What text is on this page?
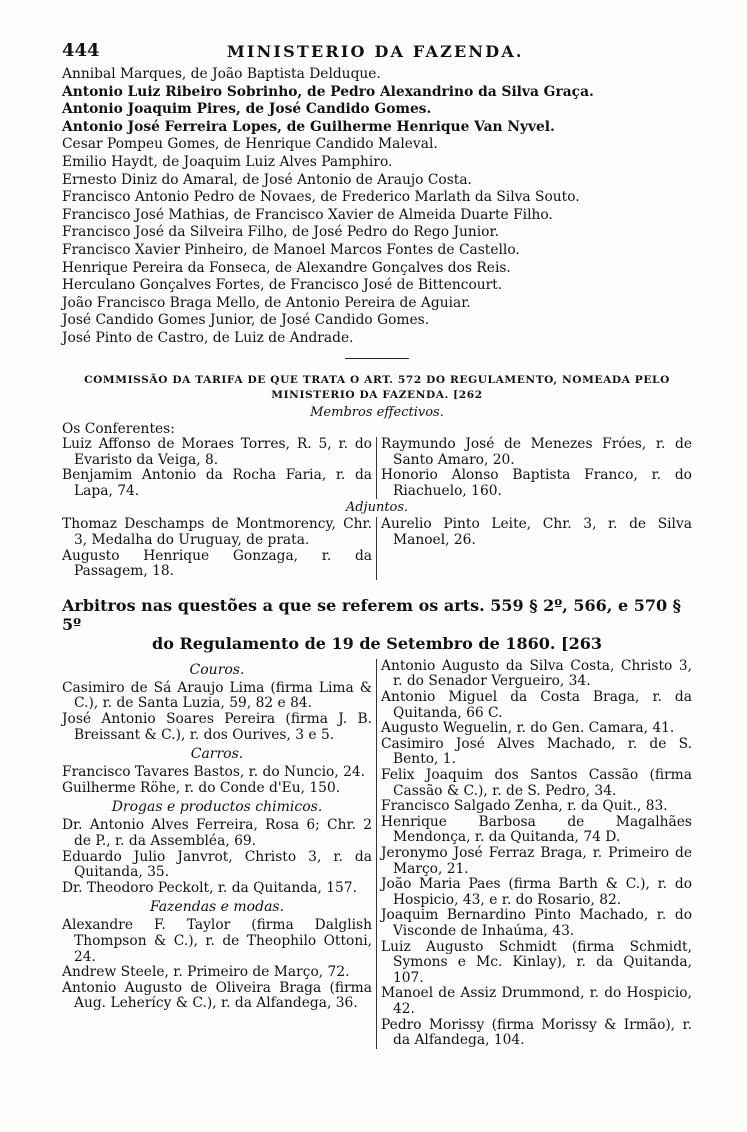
444	MINISTERIO DA FAZENDA.
Annibal Marques, de João Baptista Delduque.
Antonio Luiz Ribeiro Sobrinho, de Pedro Alexandrino da Silva Graça.
Antonio Joaquim Pires, de José Candido Gomes.
Antonio José Ferreira Lopes, de Guilherme Henrique Van Nyvel.
Cesar Pompeu Gomes, de Henrique Candido Maleval.
Emilio Haydt, de Joaquim Luiz Alves Pamphiro.
Ernesto Diniz do Amaral, de José Antonio de Araujo Costa.
Francisco Antonio Pedro de Novaes, de Frederico Marlath da Silva Souto.
Francisco José Mathias, de Francisco Xavier de Almeida Duarte Filho.
Francisco José da Silveira Filho, de José Pedro do Rego Junior.
Francisco Xavier Pinheiro, de Manoel Marcos Fontes de Castello.
Henrique Pereira da Fonseca, de Alexandre Gonçalves dos Reis.
Herculano Gonçalves Fortes, de Francisco José de Bittencourt.
João Francisco Braga Mello, de Antonio Pereira de Aguiar.
José Candido Gomes Junior, de José Candido Gomes.
José Pinto de Castro, de Luiz de Andrade.
COMMISSÃO DA TARIFA DE QUE TRATA O ART. 572 DO REGULAMENTO, NOMEADA PELO
MINISTERIO DA FAZENDA. [262
Membros effectivos.
Os Conferentes:
Luiz Affonso de Moraes Torres, R. 5, r. do Evaristo da Veiga, 8.
Benjamim Antonio da Rocha Faria, r. da Lapa, 74.
Raymundo José de Menezes Fróes, r. de Santo Amaro, 20.
Honorio Alonso Baptista Franco, r. do Riachuelo, 160.
Adjuntos.
Thomaz Deschamps de Montmorency, Chr. 3, Medalha do Uruguay, de prata.
Augusto Henrique Gonzaga, r. da Passagem, 18.
Aurelio Pinto Leite, Chr. 3, r. de Silva Manoel, 26.
Arbitros nas questões a que se referem os arts. 559 § 2º, 566, e 570 § 5º
do Regulamento de 19 de Setembro de 1860. [263
Couros.
Casimiro de Sá Araujo Lima (firma Lima & C.), r. de Santa Luzia, 59, 82 e 84.
José Antonio Soares Pereira (firma J. B. Breissant & C.), r. dos Ourives, 3 e 5.
Carros.
Francisco Tavares Bastos, r. do Nuncio, 24.
Guilherme Röhe, r. do Conde d'Eu, 150.
Drogas e productos chimicos.
Dr. Antonio Alves Ferreira, Rosa 6; Chr. 2 de P., r. da Assembléa, 69.
Eduardo Julio Janvrot, Christo 3, r. da Quitanda, 35.
Dr. Theodoro Peckolt, r. da Quitanda, 157.
Fazendas e modas.
Alexandre F. Taylor (firma Dalglish Thompson & C.), r. de Theophilo Ottoni, 24.
Andrew Steele, r. Primeiro de Março, 72.
Antonio Augusto de Oliveira Braga (firma Aug. Leherícy & C.), r. da Alfandega, 36.
Antonio Augusto da Silva Costa, Christo 3, r. do Senador Vergueiro, 34.
Antonio Miguel da Costa Braga, r. da Quitanda, 66 C.
Augusto Weguelin, r. do Gen. Camara, 41.
Casimiro José Alves Machado, r. de S. Bento, 1.
Felix Joaquim dos Santos Cassão (firma Cassão & C.), r. de S. Pedro, 34.
Francisco Salgado Zenha, r. da Quit., 83.
Henrique Barbosa de Magalhães Mendonça, r. da Quitanda, 74 D.
Jeronymo José Ferraz Braga, r. Primeiro de Março, 21.
João Maria Paes (firma Barth & C.), r. do Hospicio, 43, e r. do Rosario, 82.
Joaquim Bernardino Pinto Machado, r. do Visconde de Inhaúma, 43.
Luiz Augusto Schmidt (firma Schmidt, Symons e Mc. Kinlay), r. da Quitanda, 107.
Manoel de Assiz Drummond, r. do Hospicio, 42.
Pedro Morissy (firma Morissy & Irmão), r. da Alfandega, 104.
